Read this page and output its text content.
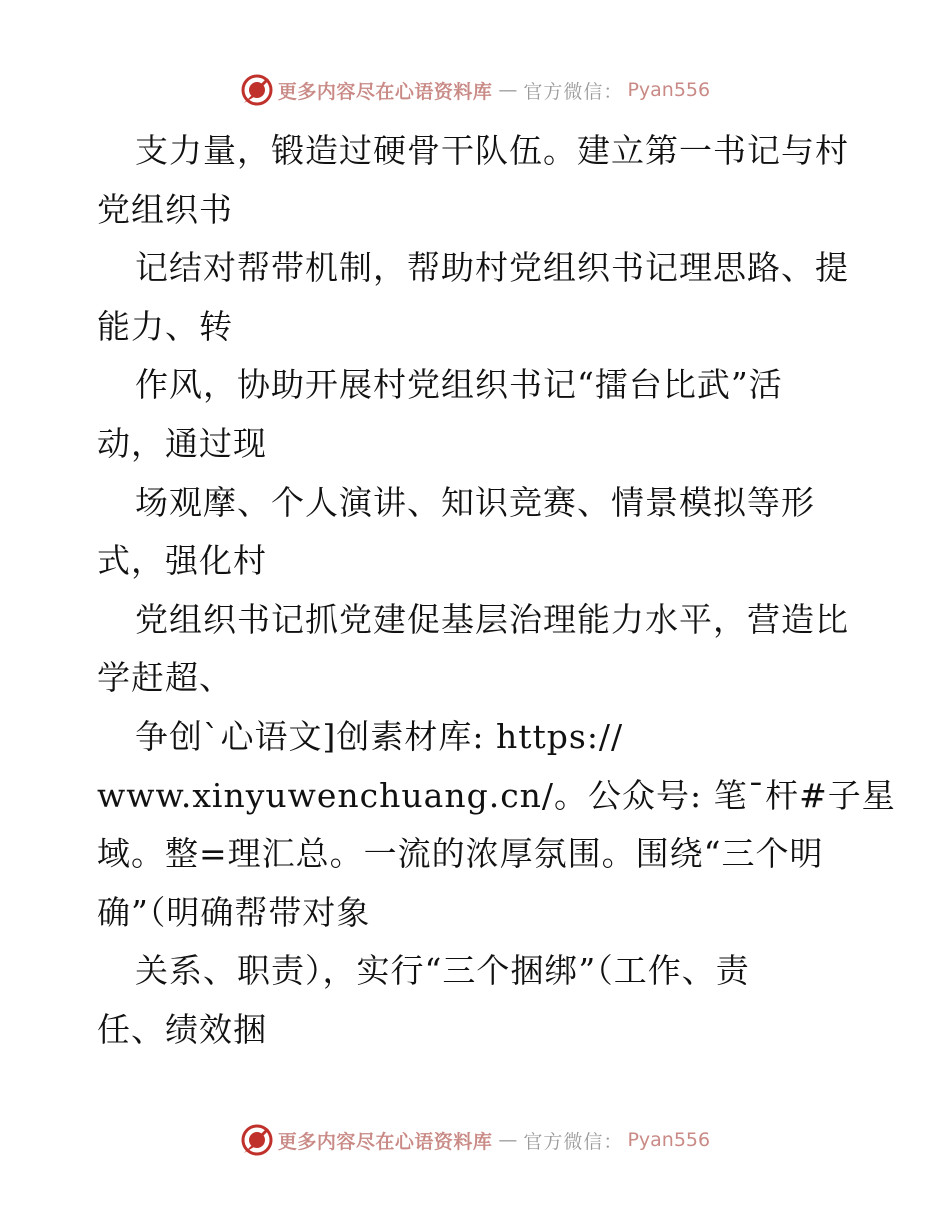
更多内容尽在心语资料库 — 官方微信： Pyan556
支力量，锻造过硬骨干队伍。建立第一书记与村
党组织书
记结对帮带机制，帮助村党组织书记理思路、提
能力、转
作风，协助开展村党组织书记“擂台比武”活
动，通过现
场观摩、个人演讲、知识竞赛、情景模拟等形
式，强化村
党组织书记抓党建促基层治理能力水平，营造比
学赶超、
争创`心语文]创素材库: https://
www.xinyuwenchuang.cn/。公众号: 笔¯杆#子星
域。整=理汇总。一流的浓厚氛围。围绕“三个明
确”（明确帮带对象
关系、职责），实行“三个捆绑”（工作、责
任、绩效捆
更多内容尽在心语资料库 — 官方微信： Pyan556
